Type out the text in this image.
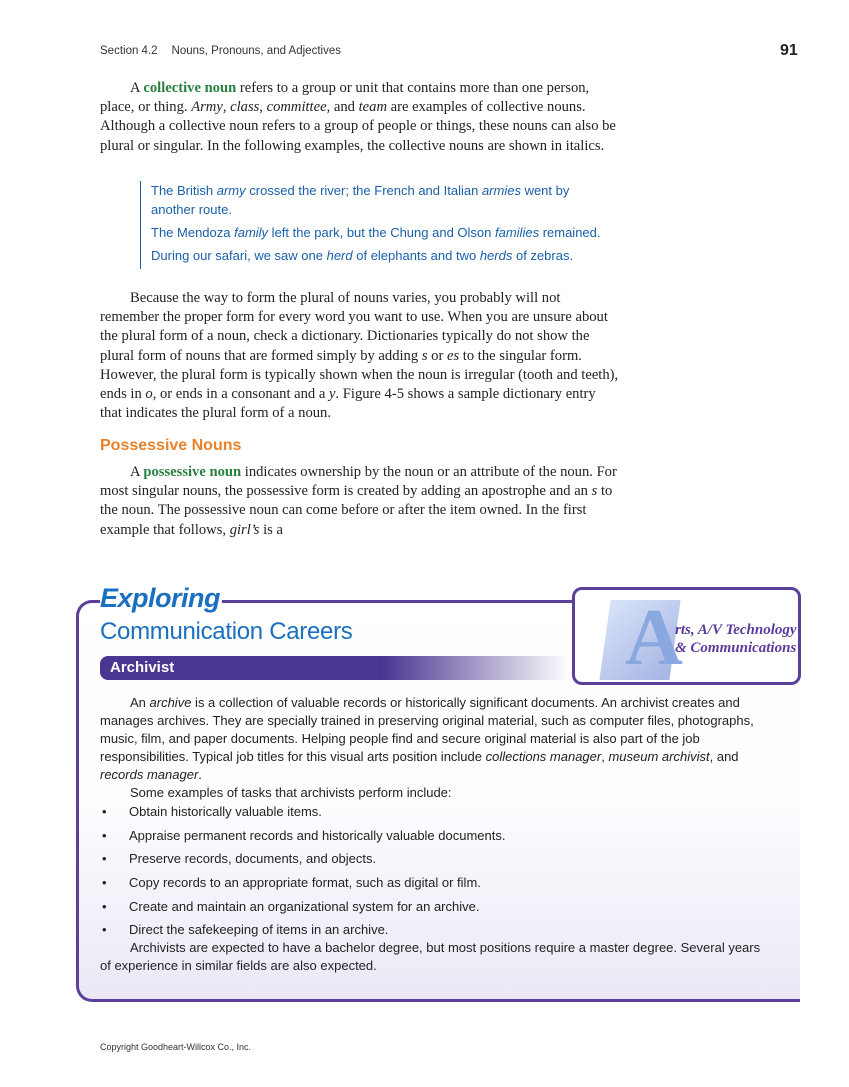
Section 4.2 Nouns, Pronouns, and Adjectives	91

A collective noun refers to a group or unit that contains more than one person, place, or thing. Army, class, committee, and team are examples of collective nouns. Although a collective noun refers to a group of people or things, these nouns can also be plural or singular. In the following examples, the collective nouns are shown in italics.

The British army crossed the river; the French and Italian armies went by another route.

The Mendoza family left the park, but the Chung and Olson families remained.

During our safari, we saw one herd of elephants and two herds of zebras.

Because the way to form the plural of nouns varies, you probably will not remember the proper form for every word you want to use. When you are unsure about the plural form of a noun, check a dictionary. Dictionaries typically do not show the plural form of nouns that are formed simply by adding s or es to the singular form. However, the plural form is typically shown when the noun is irregular (tooth and teeth), ends in o, or ends in a consonant and a y. Figure 4-5 shows a sample dictionary entry that indicates the plural form of a noun.

Possessive Nouns

A possessive noun indicates ownership by the noun or an attribute of the noun. For most singular nouns, the possessive form is created by adding an apostrophe and an s to the noun. The possessive noun can come before or after the item owned. In the first example that follows, girl’s is a

Exploring
Communication Careers
Archivist	A
rts, A/V Technology
& Communications

An archive is a collection of valuable records or historically significant documents. An archivist creates and manages archives. They are specially trained in preserving original material, such as computer files, photographs, music, film, and paper documents. Helping people find and secure original material is also part of the job responsibilities. Typical job titles for this visual arts position include collections manager, museum archivist, and records manager.

Some examples of tasks that archivists perform include:

• Obtain historically valuable items.
• Appraise permanent records and historically valuable documents.
• Preserve records, documents, and objects.
• Copy records to an appropriate format, such as digital or film.
• Create and maintain an organizational system for an archive.
• Direct the safekeeping of items in an archive.

Archivists are expected to have a bachelor degree, but most positions require a master degree. Several years of experience in similar fields are also expected.

Copyright Goodheart-Willcox Co., Inc.
